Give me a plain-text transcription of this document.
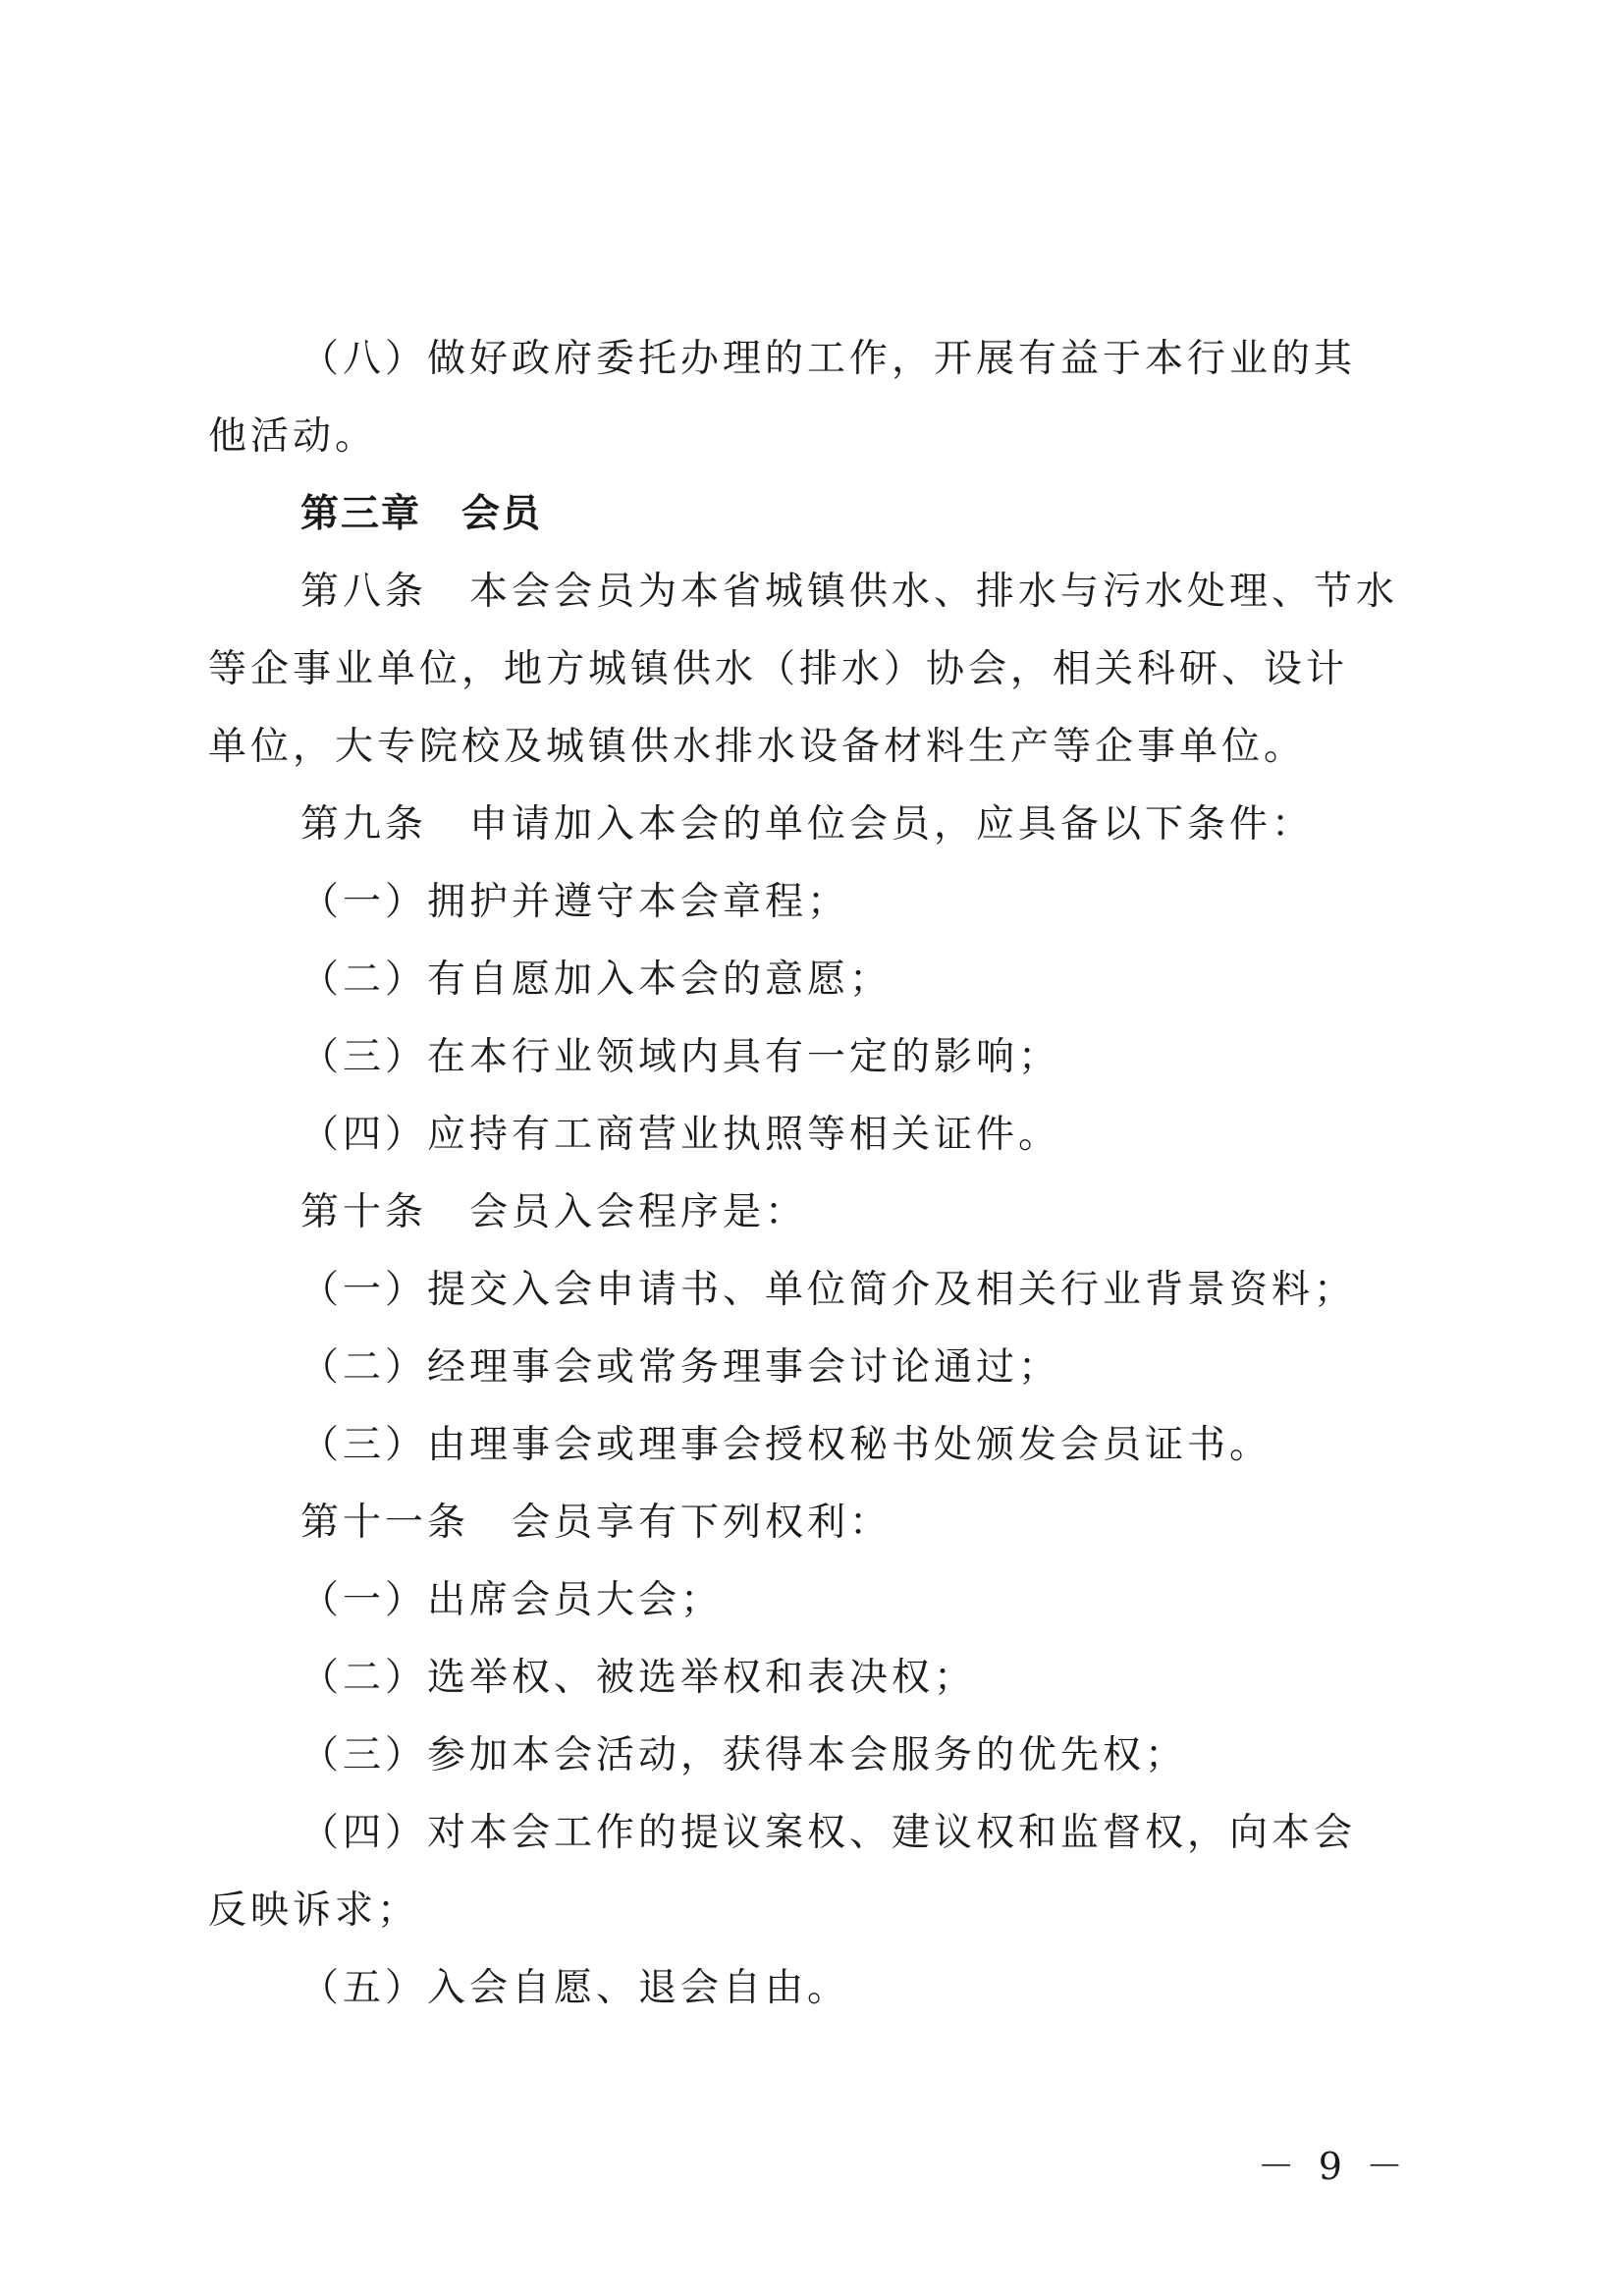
（八）做好政府委托办理的工作，开展有益于本行业的其
他活动。
第三章　会员
第八条　本会会员为本省城镇供水、排水与污水处理、节水
等企事业单位，地方城镇供水（排水）协会，相关科研、设计
单位，大专院校及城镇供水排水设备材料生产等企事单位。
第九条　申请加入本会的单位会员，应具备以下条件：
（一）拥护并遵守本会章程；
（二）有自愿加入本会的意愿；
（三）在本行业领域内具有一定的影响；
（四）应持有工商营业执照等相关证件。
第十条　会员入会程序是：
（一）提交入会申请书、单位简介及相关行业背景资料；
（二）经理事会或常务理事会讨论通过；
（三）由理事会或理事会授权秘书处颁发会员证书。
第十一条　会员享有下列权利：
（一）出席会员大会；
（二）选举权、被选举权和表决权；
（三）参加本会活动，获得本会服务的优先权；
（四）对本会工作的提议案权、建议权和监督权，向本会
反映诉求；
（五）入会自愿、退会自由。
－ 9 －
